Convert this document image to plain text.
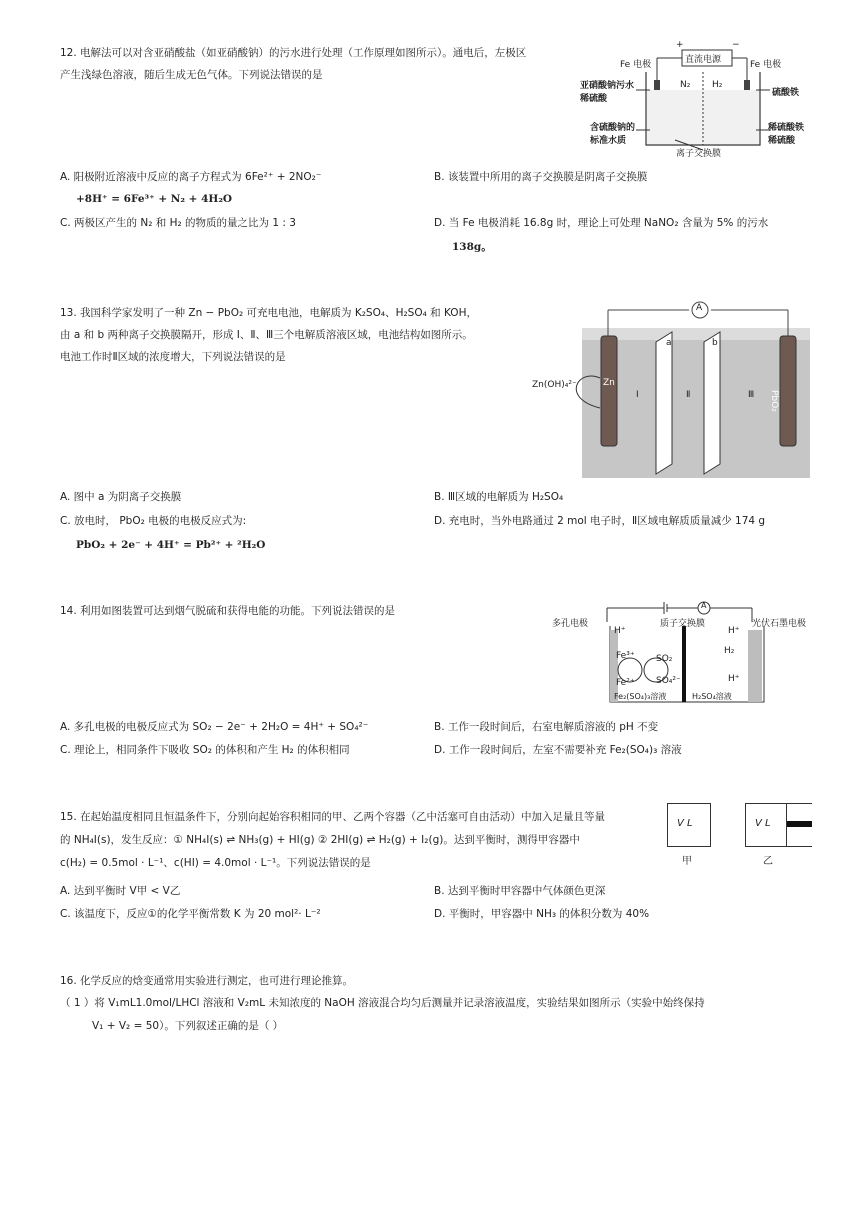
12. 电解法可以对含亚硝酸盐（如亚硝酸钠）的污水进行处理（工作原理如图所示）。通电后，左极区
产生浅绿色溶液，随后生成无色气体。下列说法错误的是
直流电源
+	−
Fe 电极	Fe 电极
N₂ H₂
亚硝酸钠污水
稀硫酸
含硫酸钠的
标准水质
硫酸铁
稀硫酸铁
稀硫酸
离子交换膜
A. 阳极附近溶液中反应的离子方程式为 6Fe²⁺ + 2NO₂⁻
+8H⁺ = 6Fe³⁺ + N₂ + 4H₂O
B. 该装置中所用的离子交换膜是阴离子交换膜
C. 两极区产生的 N₂ 和 H₂ 的物质的量之比为 1 : 3	D. 当 Fe 电极消耗 16.8g 时，理论上可处理 NaNO₂ 含量为 5% 的污水
138g。
13. 我国科学家发明了一种 Zn − PbO₂ 可充电电池，电解质为 K₂SO₄、H₂SO₄ 和 KOH，
由 a 和 b 两种离子交换膜隔开，形成 Ⅰ、Ⅱ、Ⅲ三个电解质溶液区域，电池结构如图所示。
电池工作时Ⅱ区域的浓度增大，下列说法错误的是
A
Zn
PbO₂
a	b
Ⅰ	Ⅱ	Ⅲ
Zn(OH)₄²⁻
A. 图中 a 为阴离子交换膜	B. Ⅲ区域的电解质为 H₂SO₄
C. 放电时， PbO₂ 电极的电极反应式为:
PbO₂ + 2e⁻ + 4H⁺ = Pb²⁺ + ²H₂O
D. 充电时，当外电路通过 2 mol 电子时，Ⅱ区域电解质质量减少 174 g
14. 利用如图装置可达到烟气脱硫和获得电能的功能。下列说法错误的是
多孔电极	质子交换膜	光伏石墨电极
A
H⁺
Fe³⁺
Fe²⁺
SO₂
SO₄²⁻
H₂
H⁺
H⁺
Fe₂(SO₄)₃溶液	H₂SO₄溶液
A. 多孔电极的电极反应式为 SO₂ − 2e⁻ + 2H₂O = 4H⁺ + SO₄²⁻	B. 工作一段时间后，右室电解质溶液的 pH 不变
C. 理论上，相同条件下吸收 SO₂ 的体积和产生 H₂ 的体积相同	D. 工作一段时间后，左室不需要补充 Fe₂(SO₄)₃ 溶液
15. 在起始温度相同且恒温条件下，分别向起始容积相同的甲、乙两个容器（乙中活塞可自由活动）中加入足量且等量
的 NH₄I(s)，发生反应：① NH₄I(s) ⇌ NH₃(g) + HI(g) ② 2HI(g) ⇌ H₂(g) + I₂(g)。达到平衡时，测得甲容器中
c(H₂) = 0.5mol · L⁻¹、c(HI) = 4.0mol · L⁻¹。下列说法错误的是
V L
甲
V L
乙
A. 达到平衡时 V甲 < V乙	B. 达到平衡时甲容器中气体颜色更深
C. 该温度下，反应①的化学平衡常数 K 为 20 mol²· L⁻²	D. 平衡时，甲容器中 NH₃ 的体积分数为 40%
16. 化学反应的焓变通常用实验进行测定，也可进行理论推算。
（ 1 ）将 V₁mL1.0mol/LHCl 溶液和 V₂mL 未知浓度的 NaOH 溶液混合均匀后测量并记录溶液温度，实验结果如图所示（实验中始终保持
V₁ + V₂ = 50）。下列叙述正确的是（ ）
